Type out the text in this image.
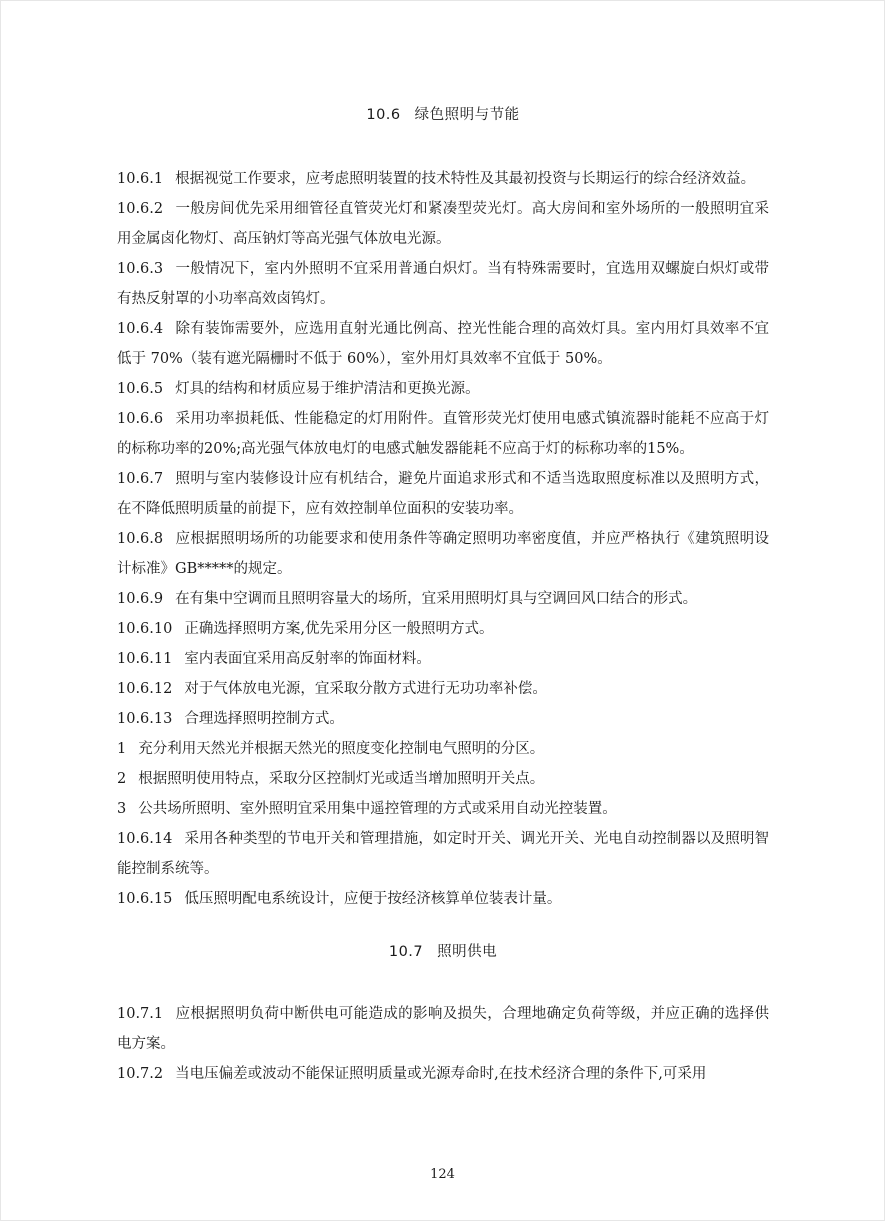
10.6 绿色照明与节能

10.6.1 根据视觉工作要求，应考虑照明装置的技术特性及其最初投资与长期运行的综合经济效益。

10.6.2 一般房间优先采用细管径直管荧光灯和紧凑型荧光灯。高大房间和室外场所的一般照明宜采用金属卤化物灯、高压钠灯等高光强气体放电光源。

10.6.3 一般情况下，室内外照明不宜采用普通白炽灯。当有特殊需要时，宜选用双螺旋白炽灯或带有热反射罩的小功率高效卤钨灯。

10.6.4 除有装饰需要外，应选用直射光通比例高、控光性能合理的高效灯具。室内用灯具效率不宜低于 70%（装有遮光隔栅时不低于 60%），室外用灯具效率不宜低于 50%。

10.6.5 灯具的结构和材质应易于维护清洁和更换光源。

10.6.6 采用功率损耗低、性能稳定的灯用附件。直管形荧光灯使用电感式镇流器时能耗不应高于灯的标称功率的20%;高光强气体放电灯的电感式触发器能耗不应高于灯的标称功率的15%。

10.6.7 照明与室内装修设计应有机结合，避免片面追求形式和不适当选取照度标准以及照明方式，在不降低照明质量的前提下，应有效控制单位面积的安装功率。

10.6.8 应根据照明场所的功能要求和使用条件等确定照明功率密度值，并应严格执行《建筑照明设计标准》GB*****的规定。

10.6.9 在有集中空调而且照明容量大的场所，宜采用照明灯具与空调回风口结合的形式。

10.6.10 正确选择照明方案,优先采用分区一般照明方式。

10.6.11 室内表面宜采用高反射率的饰面材料。

10.6.12 对于气体放电光源，宜采取分散方式进行无功功率补偿。

10.6.13 合理选择照明控制方式。

1 充分利用天然光并根据天然光的照度变化控制电气照明的分区。

2 根据照明使用特点，采取分区控制灯光或适当增加照明开关点。

3 公共场所照明、室外照明宜采用集中遥控管理的方式或采用自动光控装置。

10.6.14 采用各种类型的节电开关和管理措施，如定时开关、调光开关、光电自动控制器以及照明智能控制系统等。

10.6.15 低压照明配电系统设计，应便于按经济核算单位装表计量。

10.7 照明供电

10.7.1 应根据照明负荷中断供电可能造成的影响及损失，合理地确定负荷等级，并应正确的选择供电方案。

10.7.2 当电压偏差或波动不能保证照明质量或光源寿命时,在技术经济合理的条件下,可采用

124
